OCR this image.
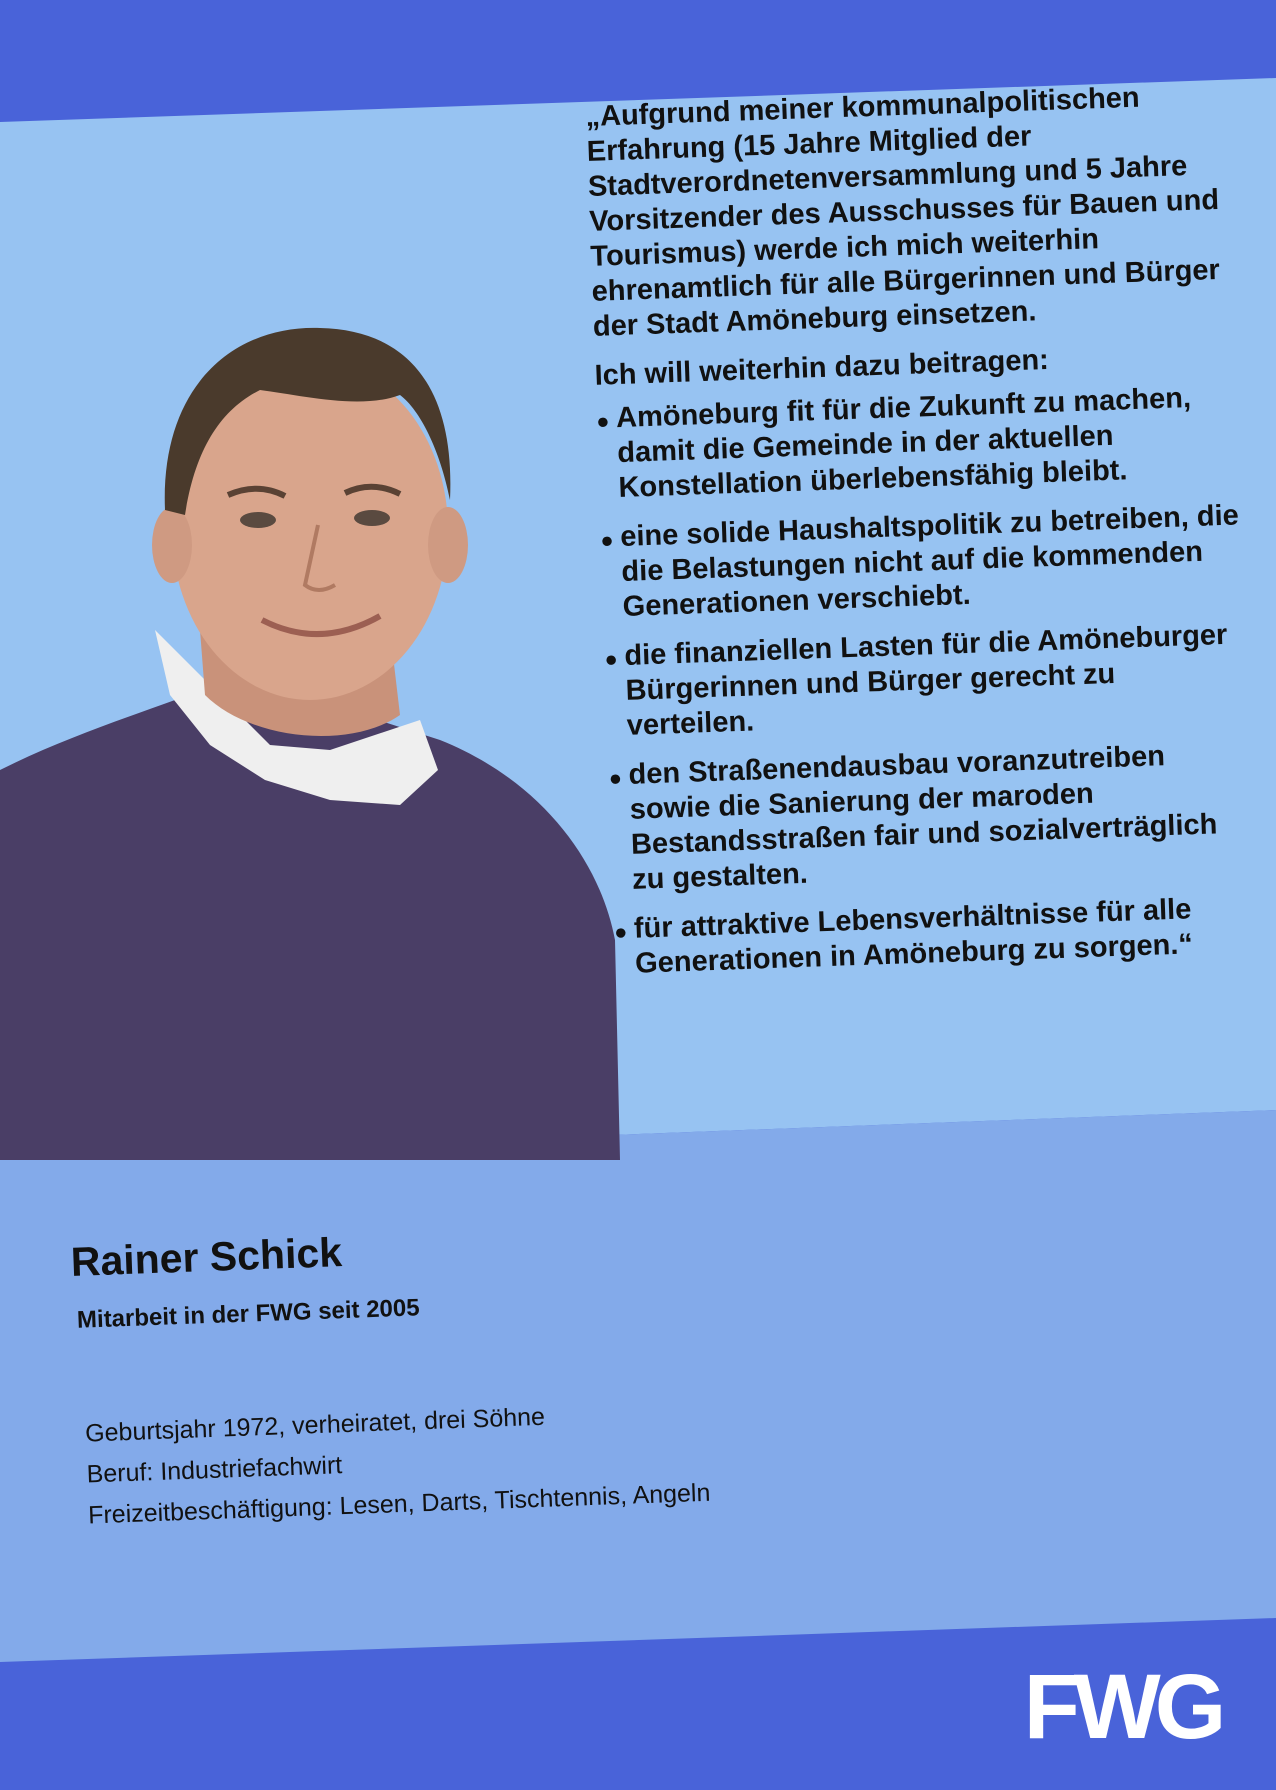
„Aufgrund meiner kommunalpolitischen Erfahrung (15 Jahre Mitglied der Stadtverordnetenversammlung und 5 Jahre Vorsitzender des Ausschusses für Bauen und Tourismus) werde ich mich weiterhin ehrenamtlich für alle Bürgerinnen und Bürger der Stadt Amöneburg einsetzen.

Ich will weiterhin dazu beitragen:

● Amöneburg fit für die Zukunft zu machen, damit die Gemeinde in der aktuellen Konstellation überlebensfähig bleibt.
● eine solide Haushaltspolitik zu betreiben, die die Belastungen nicht auf die kommenden Generationen verschiebt.
● die finanziellen Lasten für die Amöneburger Bürgerinnen und Bürger gerecht zu verteilen.
● den Straßenendausbau voranzutreiben sowie die Sanierung der maroden Bestandsstraßen fair und sozialverträglich zu gestalten.
● für attraktive Lebensverhältnisse für alle Generationen in Amöneburg zu sorgen.“
Rainer Schick
Mitarbeit in der FWG seit 2005
Geburtsjahr 1972, verheiratet, drei Söhne
Beruf: Industriefachwirt
Freizeitbeschäftigung: Lesen, Darts, Tischtennis, Angeln
FWG
